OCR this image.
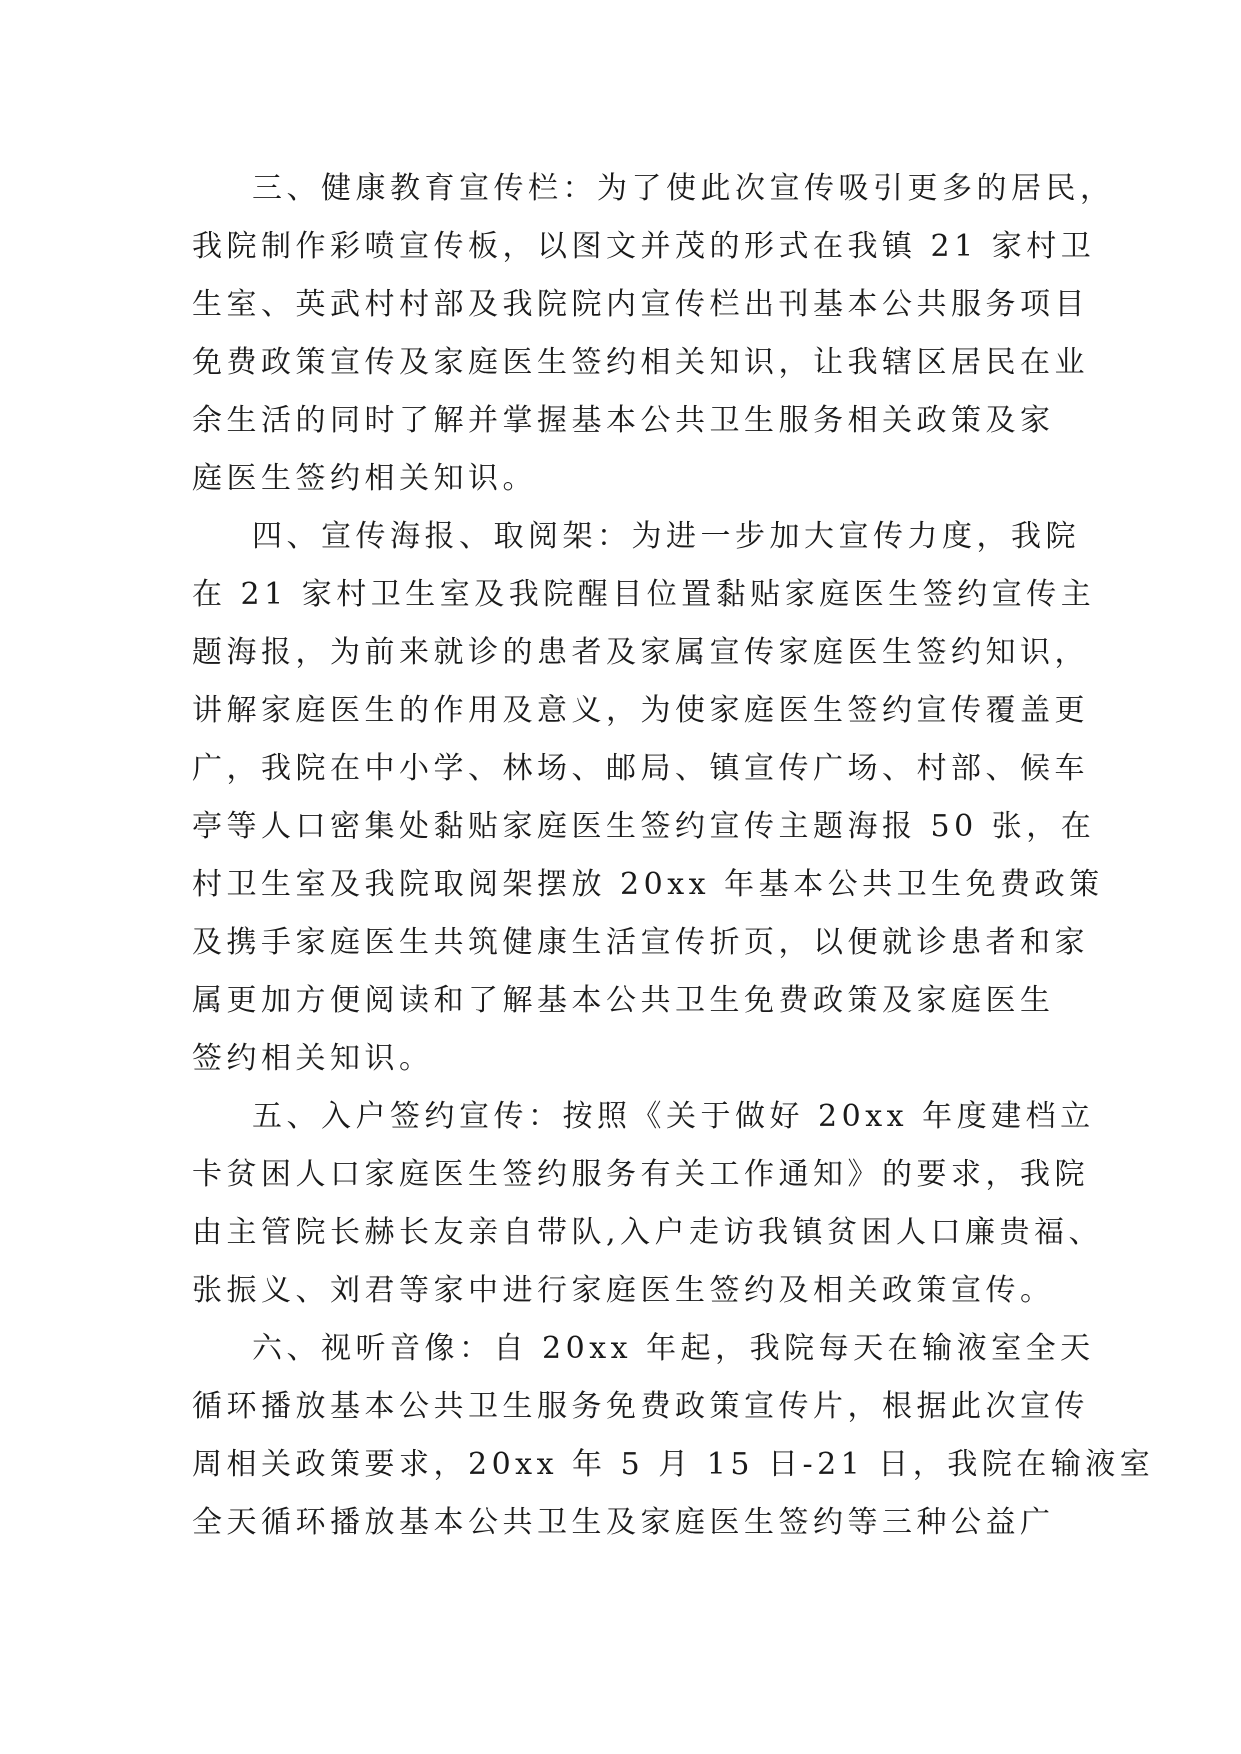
三、健康教育宣传栏：为了使此次宣传吸引更多的居民，
我院制作彩喷宣传板，以图文并茂的形式在我镇 21 家村卫
生室、英武村村部及我院院内宣传栏出刊基本公共服务项目
免费政策宣传及家庭医生签约相关知识，让我辖区居民在业
余生活的同时了解并掌握基本公共卫生服务相关政策及家
庭医生签约相关知识。
四、宣传海报、取阅架：为进一步加大宣传力度，我院
在 21 家村卫生室及我院醒目位置黏贴家庭医生签约宣传主
题海报，为前来就诊的患者及家属宣传家庭医生签约知识，
讲解家庭医生的作用及意义，为使家庭医生签约宣传覆盖更
广，我院在中小学、林场、邮局、镇宣传广场、村部、候车
亭等人口密集处黏贴家庭医生签约宣传主题海报 50 张，在
村卫生室及我院取阅架摆放 20xx 年基本公共卫生免费政策
及携手家庭医生共筑健康生活宣传折页，以便就诊患者和家
属更加方便阅读和了解基本公共卫生免费政策及家庭医生
签约相关知识。
五、入户签约宣传：按照《关于做好 20xx 年度建档立
卡贫困人口家庭医生签约服务有关工作通知》的要求，我院
由主管院长赫长友亲自带队,入户走访我镇贫困人口廉贵福、
张振义、刘君等家中进行家庭医生签约及相关政策宣传。
六、视听音像：自 20xx 年起，我院每天在输液室全天
循环播放基本公共卫生服务免费政策宣传片，根据此次宣传
周相关政策要求，20xx 年 5 月 15 日-21 日，我院在输液室
全天循环播放基本公共卫生及家庭医生签约等三种公益广
